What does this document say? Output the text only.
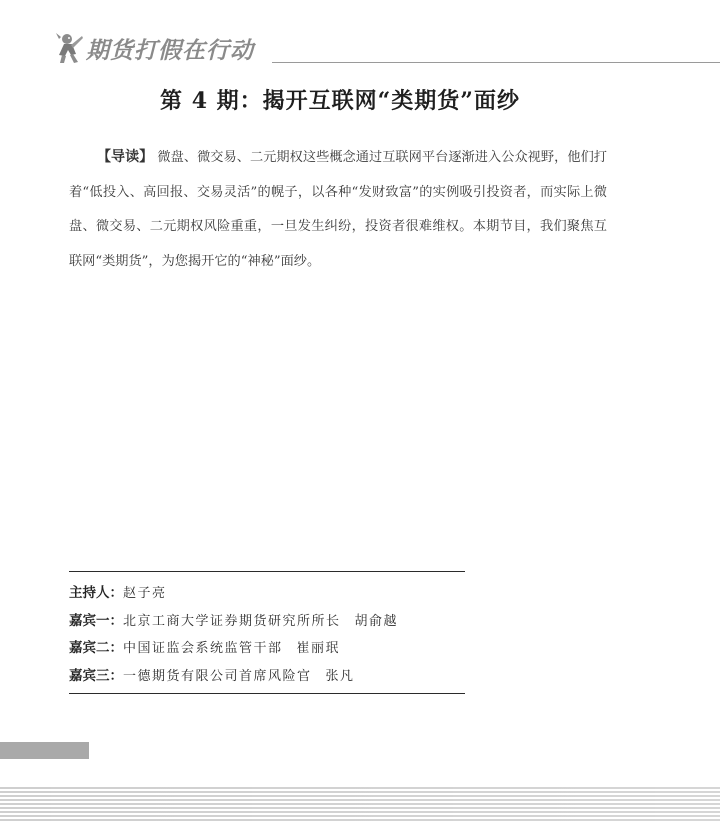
期货打假在行动
第 4 期：揭开互联网“类期货”面纱
【导读】 微盘、微交易、二元期权这些概念通过互联网平台逐渐进入公众视野，他们打着“低投入、高回报、交易灵活”的幌子，以各种“发财致富”的实例吸引投资者，而实际上微盘、微交易、二元期权风险重重，一旦发生纠纷，投资者很难维权。本期节目，我们聚焦互联网“类期货”，为您揭开它的“神秘”面纱。
主持人：赵子亮
嘉宾一：北京工商大学证券期货研究所所长 胡俞越
嘉宾二：中国证监会系统监管干部 崔丽珉
嘉宾三：一德期货有限公司首席风险官 张凡
